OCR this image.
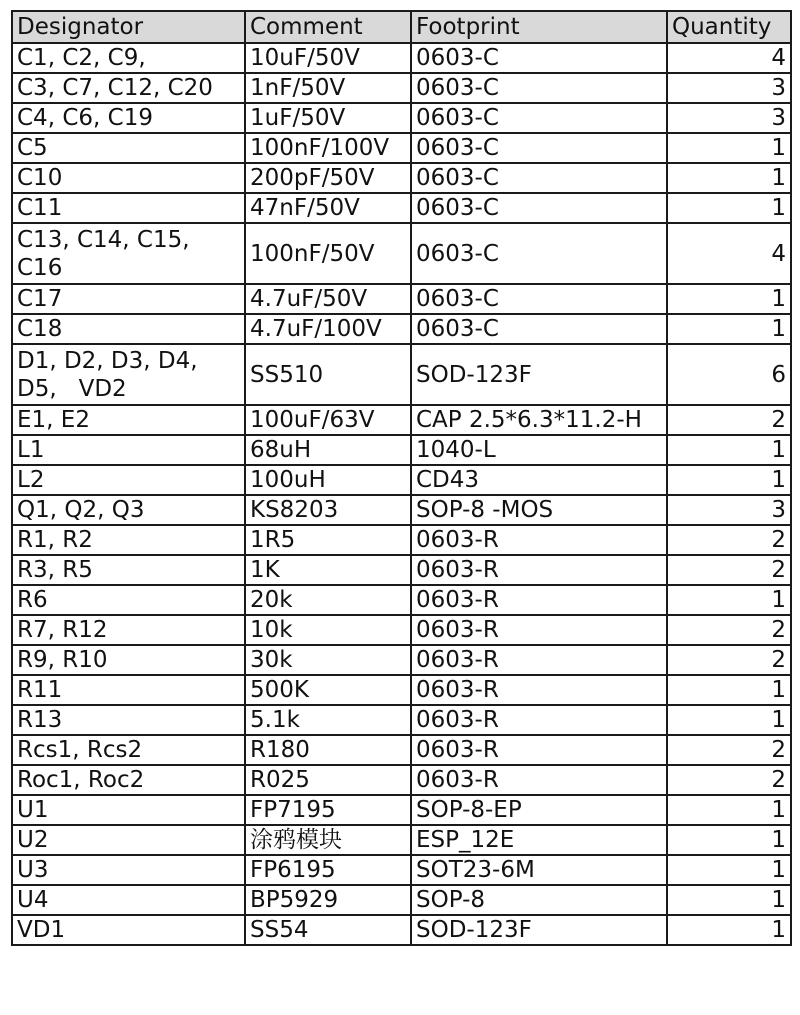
Designator	Comment	Footprint	Quantity
C1, C2, C9,	10uF/50V	0603-C	4
C3, C7, C12, C20	1nF/50V	0603-C	3
C4, C6, C19	1uF/50V	0603-C	3
C5	100nF/100V	0603-C	1
C10	200pF/50V	0603-C	1
C11	47nF/50V	0603-C	1
C13, C14, C15, C16	100nF/50V	0603-C	4
C17	4.7uF/50V	0603-C	1
C18	4.7uF/100V	0603-C	1
D1, D2, D3, D4, D5,   VD2	SS510	SOD-123F	6
E1, E2	100uF/63V	CAP 2.5*6.3*11.2-H	2
L1	68uH	1040-L	1
L2	100uH	CD43	1
Q1, Q2, Q3	KS8203	SOP-8 -MOS	3
R1, R2	1R5	0603-R	2
R3, R5	1K	0603-R	2
R6	20k	0603-R	1
R7, R12	10k	0603-R	2
R9, R10	30k	0603-R	2
R11	500K	0603-R	1
R13	5.1k	0603-R	1
Rcs1, Rcs2	R180	0603-R	2
Roc1, Roc2	R025	0603-R	2
U1	FP7195	SOP-8-EP	1
U2	涂鸦模块	ESP_12E	1
U3	FP6195	SOT23-6M	1
U4	BP5929	SOP-8	1
VD1	SS54	SOD-123F	1
